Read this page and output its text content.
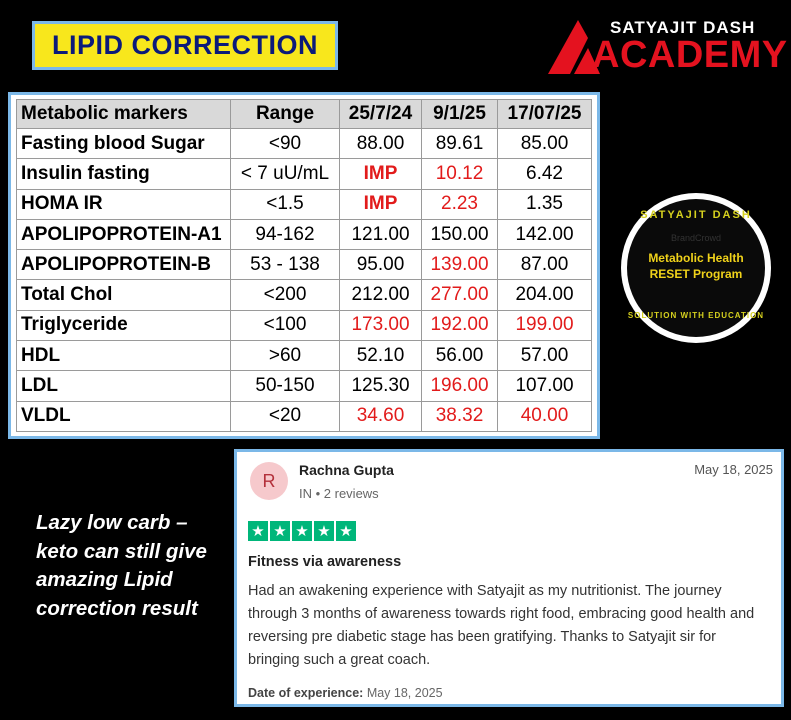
LIPID CORRECTION
SATYAJIT DASH
ACADEMY
Metabolic markers	Range	25/7/24	9/1/25	17/07/25
Fasting blood Sugar	<90	88.00	89.61	85.00
Insulin fasting	< 7 uU/mL	IMP	10.12	6.42
HOMA IR	<1.5	IMP	2.23	1.35
APOLIPOPROTEIN-A1	94-162	121.00	150.00	142.00
APOLIPOPROTEIN-B	53 - 138	95.00	139.00	87.00
Total Chol	<200	212.00	277.00	204.00
Triglyceride	<100	173.00	192.00	199.00
HDL	>60	52.10	56.00	57.00
LDL	50-150	125.30	196.00	107.00
VLDL	<20	34.60	38.32	40.00
SATYAJIT DASH
BrandCrowd
Metabolic Health
RESET Program
SOLUTION WITH EDUCATION
Lazy low carb – keto can still give amazing Lipid correction result
R
Rachna Gupta
IN • 2 reviews
May 18, 2025
★ ★ ★ ★ ★
Fitness via awareness
Had an awakening experience with Satyajit as my nutritionist. The journey through 3 months of awareness towards right food, embracing good health and reversing pre diabetic stage has been gratifying. Thanks to Satyajit sir for bringing such a great coach.
Date of experience: May 18, 2025
